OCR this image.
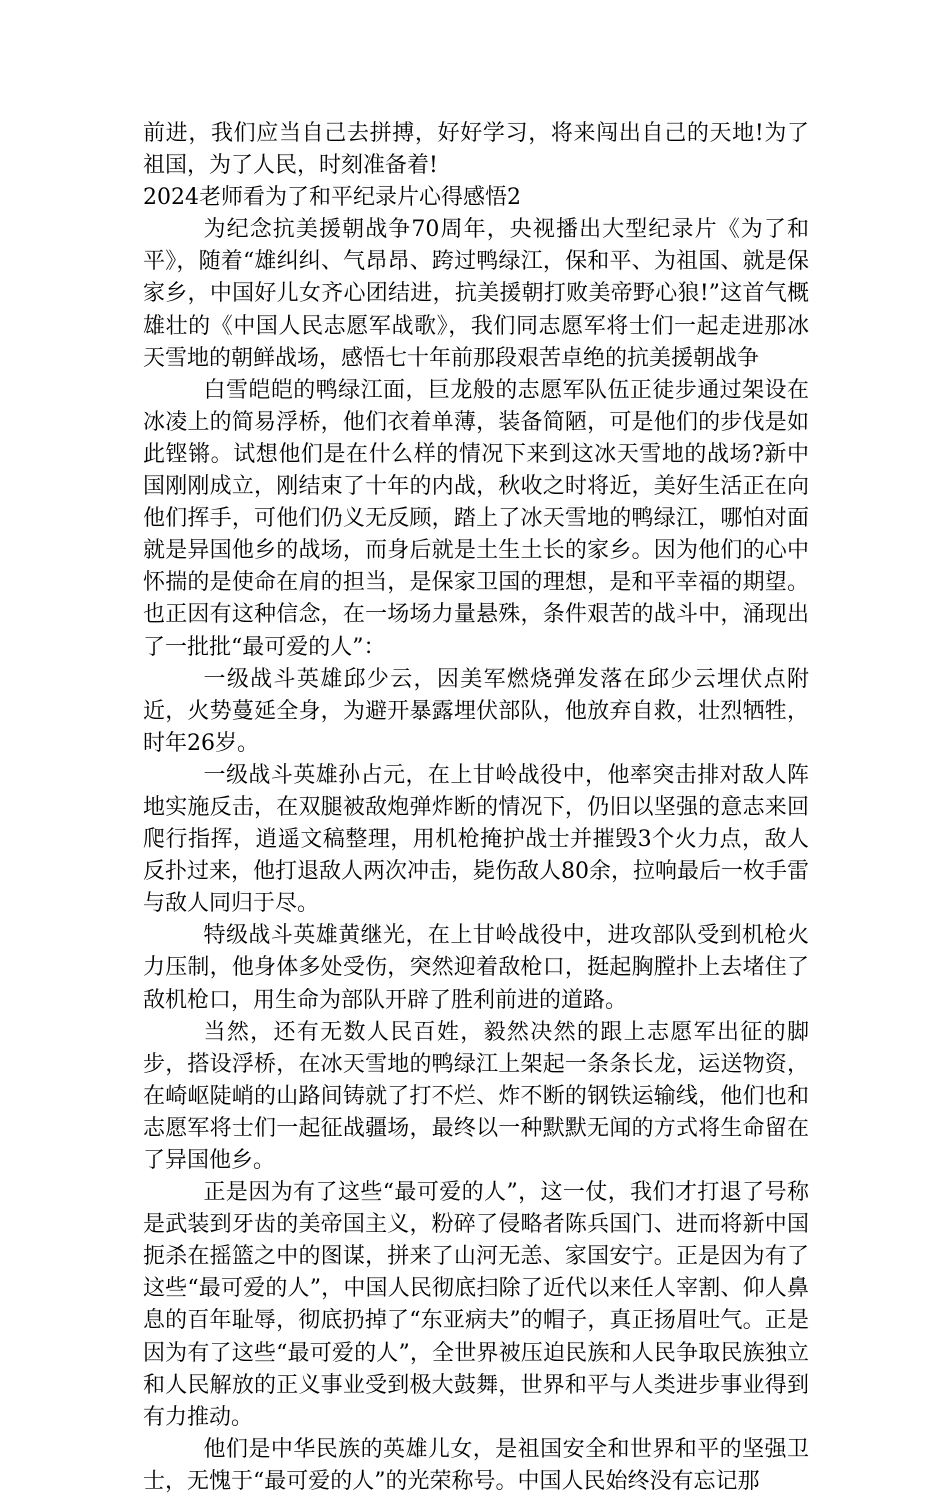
前进，我们应当自己去拼搏，好好学习，将来闯出自己的天地!为了祖国，为了人民，时刻准备着!

2024老师看为了和平纪录片心得感悟2

为纪念抗美援朝战争70周年，央视播出大型纪录片《为了和平》，随着“雄纠纠、气昂昂、跨过鸭绿江，保和平、为祖国、就是保家乡，中国好儿女齐心团结进，抗美援朝打败美帝野心狼!”这首气概雄壮的《中国人民志愿军战歌》，我们同志愿军将士们一起走进那冰天雪地的朝鲜战场，感悟七十年前那段艰苦卓绝的抗美援朝战争

白雪皑皑的鸭绿江面，巨龙般的志愿军队伍正徒步通过架设在冰凌上的简易浮桥，他们衣着单薄，装备简陋，可是他们的步伐是如此铿锵。试想他们是在什么样的情况下来到这冰天雪地的战场?新中国刚刚成立，刚结束了十年的内战，秋收之时将近，美好生活正在向他们挥手，可他们仍义无反顾，踏上了冰天雪地的鸭绿江，哪怕对面就是异国他乡的战场，而身后就是土生土长的家乡。因为他们的心中怀揣的是使命在肩的担当，是保家卫国的理想，是和平幸福的期望。也正因有这种信念，在一场场力量悬殊，条件艰苦的战斗中，涌现出了一批批“最可爱的人”：

一级战斗英雄邱少云，因美军燃烧弹发落在邱少云埋伏点附近，火势蔓延全身，为避开暴露埋伏部队，他放弃自救，壮烈牺牲，时年26岁。

一级战斗英雄孙占元，在上甘岭战役中，他率突击排对敌人阵地实施反击，在双腿被敌炮弹炸断的情况下，仍旧以坚强的意志来回爬行指挥，逍遥文稿整理，用机枪掩护战士并摧毁3个火力点，敌人反扑过来，他打退敌人两次冲击，毙伤敌人80余，拉响最后一枚手雷与敌人同归于尽。

特级战斗英雄黄继光，在上甘岭战役中，进攻部队受到机枪火力压制，他身体多处受伤，突然迎着敌枪口，挺起胸膛扑上去堵住了敌机枪口，用生命为部队开辟了胜利前进的道路。

当然，还有无数人民百姓，毅然决然的跟上志愿军出征的脚步，搭设浮桥，在冰天雪地的鸭绿江上架起一条条长龙，运送物资，在崎岖陡峭的山路间铸就了打不烂、炸不断的钢铁运输线，他们也和志愿军将士们一起征战疆场，最终以一种默默无闻的方式将生命留在了异国他乡。

正是因为有了这些“最可爱的人”，这一仗，我们才打退了号称是武装到牙齿的美帝国主义，粉碎了侵略者陈兵国门、进而将新中国扼杀在摇篮之中的图谋，拼来了山河无恙、家国安宁。正是因为有了这些“最可爱的人”，中国人民彻底扫除了近代以来任人宰割、仰人鼻息的百年耻辱，彻底扔掉了“东亚病夫”的帽子，真正扬眉吐气。正是因为有了这些“最可爱的人”，全世界被压迫民族和人民争取民族独立和人民解放的正义事业受到极大鼓舞，世界和平与人类进步事业得到有力推动。

他们是中华民族的英雄儿女，是祖国安全和世界和平的坚强卫士，无愧于“最可爱的人”的光荣称号。中国人民始终没有忘记那
